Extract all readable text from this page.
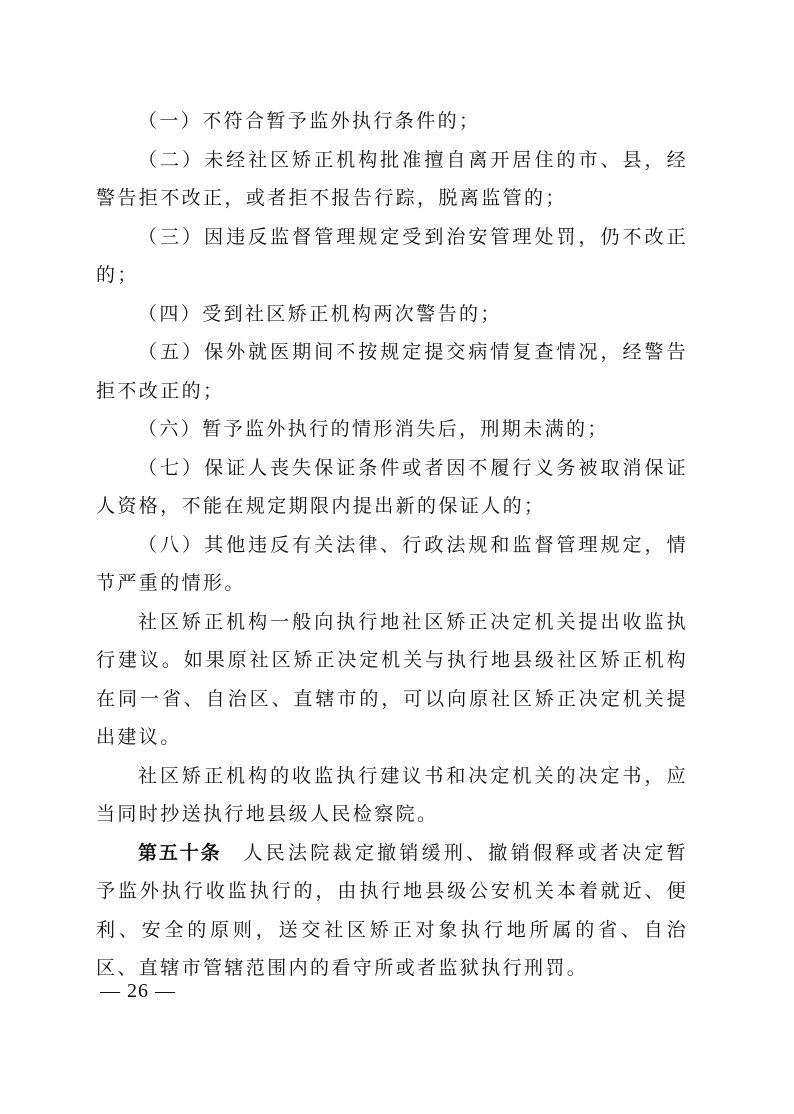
（一）不符合暂予监外执行条件的；

（二）未经社区矫正机构批准擅自离开居住的市、县，经警告拒不改正，或者拒不报告行踪，脱离监管的；

（三）因违反监督管理规定受到治安管理处罚，仍不改正的；

（四）受到社区矫正机构两次警告的；

（五）保外就医期间不按规定提交病情复查情况，经警告拒不改正的；

（六）暂予监外执行的情形消失后，刑期未满的；

（七）保证人丧失保证条件或者因不履行义务被取消保证人资格，不能在规定期限内提出新的保证人的；

（八）其他违反有关法律、行政法规和监督管理规定，情节严重的情形。

社区矫正机构一般向执行地社区矫正决定机关提出收监执行建议。如果原社区矫正决定机关与执行地县级社区矫正机构在同一省、自治区、直辖市的，可以向原社区矫正决定机关提出建议。

社区矫正机构的收监执行建议书和决定机关的决定书，应当同时抄送执行地县级人民检察院。

第五十条 人民法院裁定撤销缓刑、撤销假释或者决定暂予监外执行收监执行的，由执行地县级公安机关本着就近、便利、安全的原则，送交社区矫正对象执行地所属的省、自治区、直辖市管辖范围内的看守所或者监狱执行刑罚。

— 26 —
